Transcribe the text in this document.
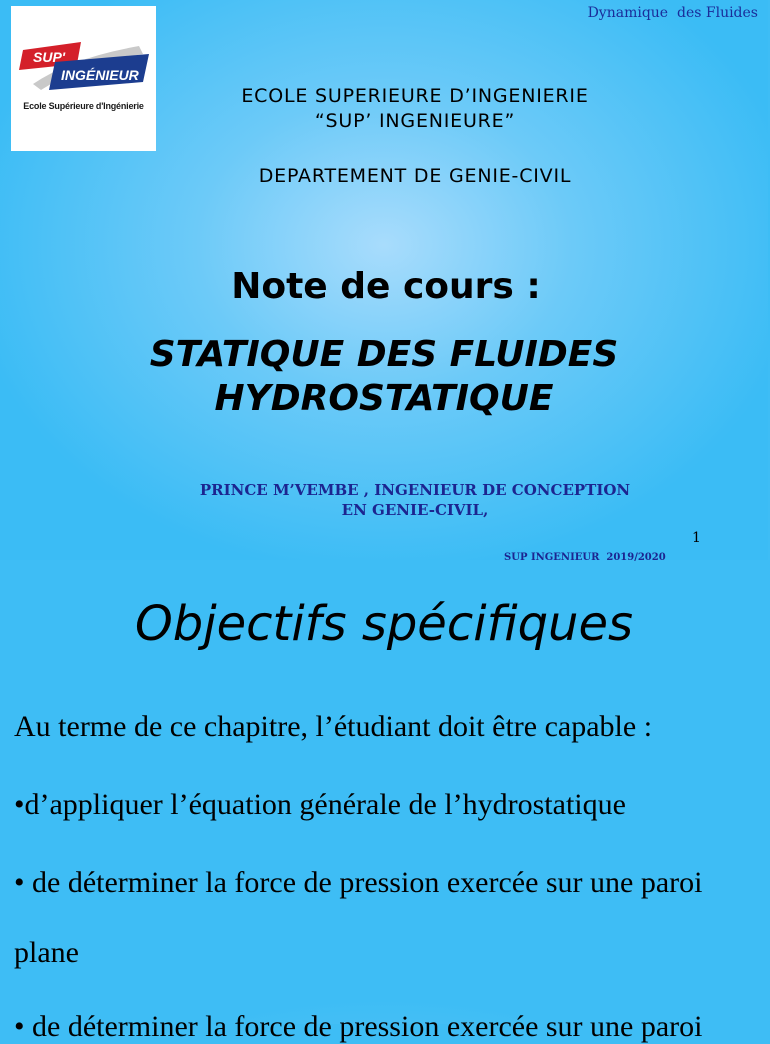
Dynamique  des Fluides
SUP'
INGÉNIEUR
Ecole Supérieure d'Ingénierie	ECOLE SUPERIEURE D’INGENIERIE
“SUP’ INGENIEURE”
DEPARTEMENT DE GENIE-CIVIL
Note de cours :
STATIQUE DES FLUIDES
HYDROSTATIQUE
PRINCE M’VEMBE , INGENIEUR DE CONCEPTION
EN GENIE-CIVIL,
1
SUP INGENIEUR  2019/2020
Objectifs spécifiques
Au terme de ce chapitre, l’étudiant doit être capable :
•d’appliquer l’équation générale de l’hydrostatique
• de déterminer la force de pression exercée sur une paroi
plane
• de déterminer la force de pression exercée sur une paroi
